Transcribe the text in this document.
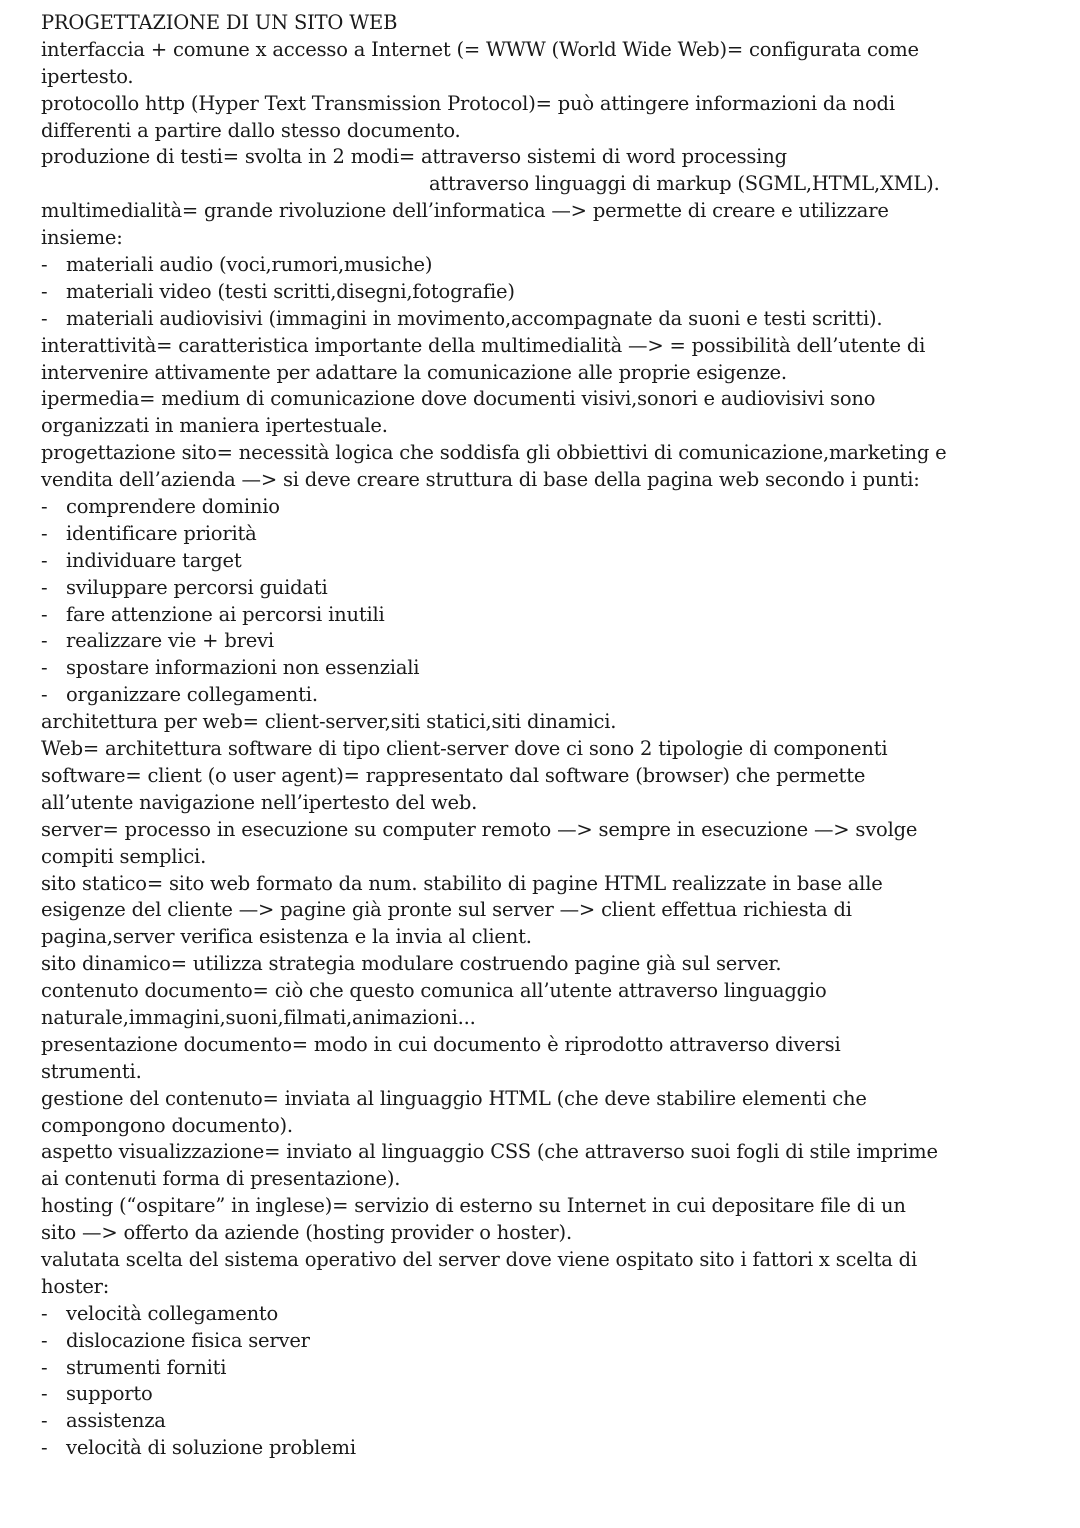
PROGETTAZIONE DI UN SITO WEB
interfaccia + comune x accesso a Internet (= WWW (World Wide Web)= configurata come
ipertesto.
protocollo http (Hyper Text Transmission Protocol)= può attingere informazioni da nodi
differenti a partire dallo stesso documento.
produzione di testi= svolta in 2 modi= attraverso sistemi di word processing
attraverso linguaggi di markup (SGML,HTML,XML).
multimedialità= grande rivoluzione dell’informatica —> permette di creare e utilizzare
insieme:
- materiali audio (voci,rumori,musiche)
- materiali video (testi scritti,disegni,fotografie)
- materiali audiovisivi (immagini in movimento,accompagnate da suoni e testi scritti).
interattività= caratteristica importante della multimedialità —> = possibilità dell’utente di
intervenire attivamente per adattare la comunicazione alle proprie esigenze.
ipermedia= medium di comunicazione dove documenti visivi,sonori e audiovisivi sono
organizzati in maniera ipertestuale.
progettazione sito= necessità logica che soddisfa gli obbiettivi di comunicazione,marketing e
vendita dell’azienda —> si deve creare struttura di base della pagina web secondo i punti:
- comprendere dominio
- identificare priorità
- individuare target
- sviluppare percorsi guidati
- fare attenzione ai percorsi inutili
- realizzare vie + brevi
- spostare informazioni non essenziali
- organizzare collegamenti.
architettura per web= client-server,siti statici,siti dinamici.
Web= architettura software di tipo client-server dove ci sono 2 tipologie di componenti
software= client (o user agent)= rappresentato dal software (browser) che permette
all’utente navigazione nell’ipertesto del web.
server= processo in esecuzione su computer remoto —> sempre in esecuzione —> svolge
compiti semplici.
sito statico= sito web formato da num. stabilito di pagine HTML realizzate in base alle
esigenze del cliente —> pagine già pronte sul server —> client effettua richiesta di
pagina,server verifica esistenza e la invia al client.
sito dinamico= utilizza strategia modulare costruendo pagine già sul server.
contenuto documento= ciò che questo comunica all’utente attraverso linguaggio
naturale,immagini,suoni,filmati,animazioni...
presentazione documento= modo in cui documento è riprodotto attraverso diversi
strumenti.
gestione del contenuto= inviata al linguaggio HTML (che deve stabilire elementi che
compongono documento).
aspetto visualizzazione= inviato al linguaggio CSS (che attraverso suoi fogli di stile imprime
ai contenuti forma di presentazione).
hosting (“ospitare” in inglese)= servizio di esterno su Internet in cui depositare file di un
sito —> offerto da aziende (hosting provider o hoster).
valutata scelta del sistema operativo del server dove viene ospitato sito i fattori x scelta di
hoster:
- velocità collegamento
- dislocazione fisica server
- strumenti forniti
- supporto
- assistenza
- velocità di soluzione problemi
